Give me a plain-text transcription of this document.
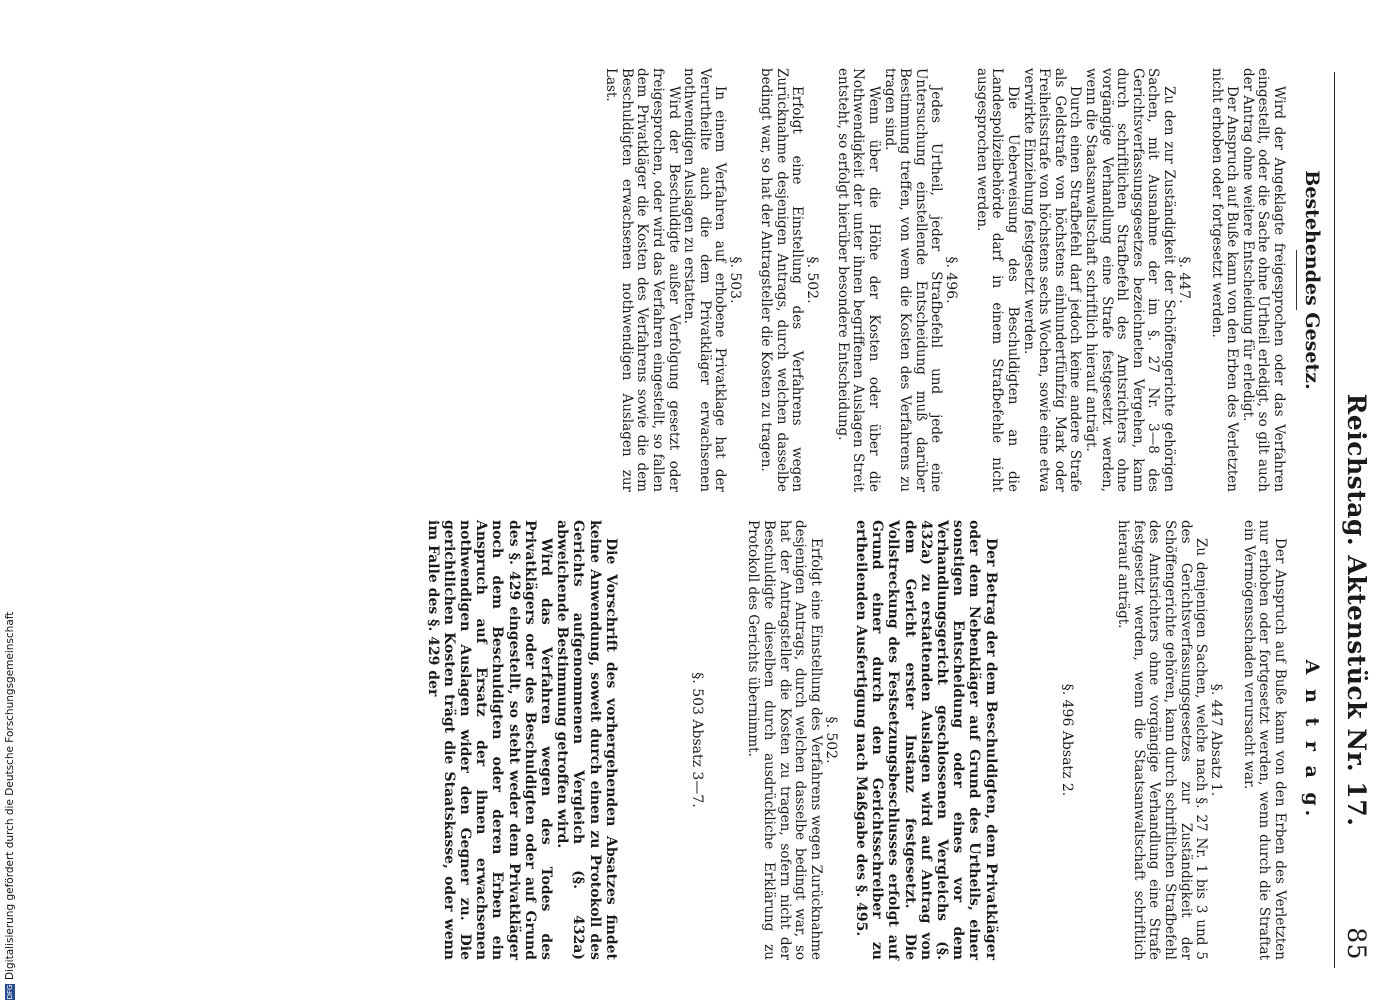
Reichstag. Aktenstück Nr. 17.
85
Bestehendes Gesetz.

Wird der Angeklagte freigesprochen oder das Verfahren eingestellt, oder die Sache ohne Urtheil erledigt, so gilt auch der Antrag ohne weitere Entscheidung für erledigt.

Der Anspruch auf Buße kann von den Erben des Verletzten nicht erhoben oder fortgesetzt werden.

§. 447.

Zu den zur Zuständigkeit der Schöffengerichte gehörigen Sachen, mit Ausnahme der im §. 27 Nr. 3—8 des Gerichtsverfassungsgesetzes bezeichneten Vergehen, kann durch schriftlichen Strafbefehl des Amtsrichters ohne vorgängige Verhandlung eine Strafe festgesetzt werden, wenn die Staatsanwaltschaft schriftlich hierauf anträgt.

Durch einen Strafbefehl darf jedoch keine andere Strafe als Geldstrafe von höchstens einhundertfünfzig Mark oder Freiheitsstrafe von höchstens sechs Wochen, sowie eine etwa verwirkte Einziehung festgesetzt werden.

Die Ueberweisung des Beschuldigten an die Landespolizeibehörde darf in einem Strafbefehle nicht ausgesprochen werden.

§. 496.

Jedes Urtheil, jeder Strafbefehl und jede eine Untersuchung einstellende Entscheidung muß darüber Bestimmung treffen, von wem die Kosten des Verfahrens zu tragen sind.

Wenn über die Höhe der Kosten oder über die Nothwendigkeit der unter ihnen begriffenen Auslagen Streit entsteht, so erfolgt hierüber besondere Entscheidung.

§. 502.

Erfolgt eine Einstellung des Verfahrens wegen Zurücknahme desjenigen Antrags, durch welchen dasselbe bedingt war, so hat der Antragsteller die Kosten zu tragen.

§. 503.

In einem Verfahren auf erhobene Privatklage hat der Verurtheilte auch die dem Privatkläger erwachsenen nothwendigen Auslagen zu erstatten.

Wird der Beschuldigte außer Verfolgung gesetzt oder freigesprochen, oder wird das Verfahren eingestellt, so fallen dem Privatkläger die Kosten des Verfahrens sowie die dem Beschuldigten erwachsenen nothwendigen Auslagen zur Last.

A n t r a g.

Der Anspruch auf Buße kann von den Erben des Verletzten nur erhoben oder fortgesetzt werden, wenn durch die Straftat ein Vermögensschaden verursacht war.

§. 447 Absatz 1.

Zu denjenigen Sachen, welche nach §. 27 Nr. 1 bis 3 und 5 des Gerichtsverfassungsgesetzes zur Zuständigkeit der Schöffengerichte gehören, kann durch schriftlichen Strafbefehl des Amtsrichters ohne vorgängige Verhandlung eine Strafe festgesetzt werden, wenn die Staatsanwaltschaft schriftlich hierauf anträgt.

§. 496 Absatz 2.

Der Betrag der dem Beschuldigten, dem Privatkläger oder dem Nebenkläger auf Grund des Urtheils, einer sonstigen Entscheidung oder eines vor dem Verhandlungsgericht geschlossenen Vergleichs (§. 432a) zu erstattenden Auslagen wird auf Antrag von dem Gericht erster Instanz festgesetzt. Die Vollstreckung des Festsetzungsbeschlusses erfolgt auf Grund einer durch den Gerichtsschreiber zu ertheilenden Ausfertigung nach Maßgabe des §. 495.

§. 502.

Erfolgt eine Einstellung des Verfahrens wegen Zurücknahme desjenigen Antrags, durch welchen dasselbe bedingt war, so hat der Antragsteller die Kosten zu tragen, sofern nicht der Beschuldigte dieselben durch ausdrückliche Erklärung zu Protokoll des Gerichts übernimmt.

§. 503 Absatz 3—7.

Die Vorschrift des vorhergehenden Absatzes findet keine Anwendung, soweit durch einen zu Protokoll des Gerichts aufgenommenen Vergleich (§. 432a) abweichende Bestimmung getroffen wird.

Wird das Verfahren wegen des Todes des Privatklägers oder des Beschuldigten oder auf Grund des §. 429 eingestellt, so steht weder dem Privatkläger noch dem Beschuldigten oder deren Erben ein Anspruch auf Ersatz der ihnen erwachsenen nothwendigen Auslagen wider den Gegner zu. Die gerichtlichen Kosten trägt die Staatskasse, oder wenn im Falle des §. 429 der

DFGDigitalisierung gefördert durch die Deutsche Forschungsgemeinschaft
